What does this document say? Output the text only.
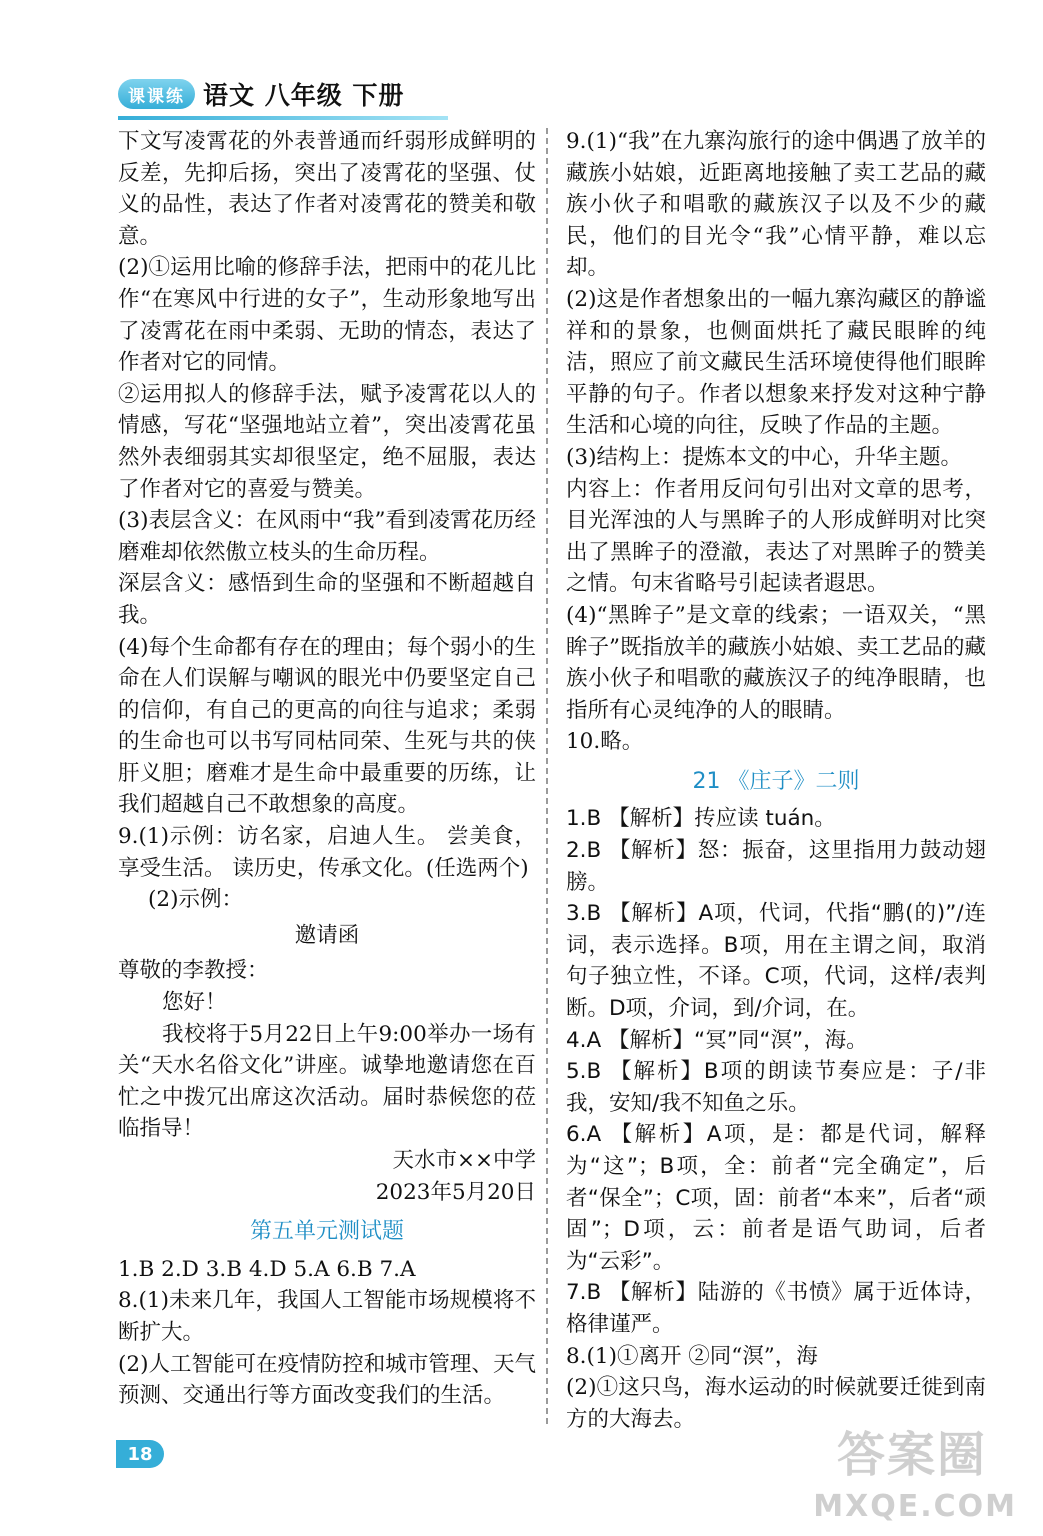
课课练 语文 八年级 下册

下文写凌霄花的外表普通而纤弱形成鲜明的反差，先抑后扬，突出了凌霄花的坚强、仗义的品性，表达了作者对凌霄花的赞美和敬意。

(2)①运用比喻的修辞手法，把雨中的花儿比作“在寒风中行进的女子”，生动形象地写出了凌霄花在雨中柔弱、无助的情态，表达了作者对它的同情。

②运用拟人的修辞手法，赋予凌霄花以人的情感，写花“坚强地站立着”，突出凌霄花虽然外表细弱其实却很坚定，绝不屈服，表达了作者对它的喜爱与赞美。

(3)表层含义：在风雨中“我”看到凌霄花历经磨难却依然傲立枝头的生命历程。

深层含义：感悟到生命的坚强和不断超越自我。

(4)每个生命都有存在的理由；每个弱小的生命在人们误解与嘲讽的眼光中仍要坚定自己的信仰，有自己的更高的向往与追求；柔弱的生命也可以书写同枯同荣、生死与共的侠肝义胆；磨难才是生命中最重要的历练，让我们超越自己不敢想象的高度。

9.(1)示例：访名家，启迪人生。 尝美食，享受生活。 读历史，传承文化。(任选两个)

(2)示例：

邀请函

尊敬的李教授：

您好！

我校将于5月22日上午9:00举办一场有关“天水名俗文化”讲座。诚挚地邀请您在百忙之中拨冗出席这次活动。届时恭候您的莅临指导！

天水市××中学

2023年5月20日

第五单元测试题

1.B 2.D 3.B 4.D 5.A 6.B 7.A

8.(1)未来几年，我国人工智能市场规模将不断扩大。

(2)人工智能可在疫情防控和城市管理、天气预测、交通出行等方面改变我们的生活。

9.(1)“我”在九寨沟旅行的途中偶遇了放羊的藏族小姑娘，近距离地接触了卖工艺品的藏族小伙子和唱歌的藏族汉子以及不少的藏民，他们的目光令“我”心情平静，难以忘却。

(2)这是作者想象出的一幅九寨沟藏区的静谧祥和的景象，也侧面烘托了藏民眼眸的纯洁，照应了前文藏民生活环境使得他们眼眸平静的句子。作者以想象来抒发对这种宁静生活和心境的向往，反映了作品的主题。

(3)结构上：提炼本文的中心，升华主题。

内容上：作者用反问句引出对文章的思考，目光浑浊的人与黑眸子的人形成鲜明对比突出了黑眸子的澄澈，表达了对黑眸子的赞美之情。句末省略号引起读者遐思。

(4)“黑眸子”是文章的线索；一语双关，“黑眸子”既指放羊的藏族小姑娘、卖工艺品的藏族小伙子和唱歌的藏族汉子的纯净眼睛，也指所有心灵纯净的人的眼睛。

10.略。

21 《庄子》二则

1.B 【解析】抟应读 tuán。

2.B 【解析】怒：振奋，这里指用力鼓动翅膀。

3.B 【解析】A项，代词，代指“鹏(的)”/连词，表示选择。B项，用在主谓之间，取消句子独立性，不译。C项，代词，这样/表判断。D项，介词，到/介词，在。

4.A 【解析】“冥”同“溟”，海。

5.B 【解析】B项的朗读节奏应是：子/非我，安知/我不知鱼之乐。

6.A 【解析】A项，是：都是代词，解释为“这”；B项，全：前者“完全确定”，后者“保全”；C项，固：前者“本来”，后者“顽固”；D项，云：前者是语气助词，后者为“云彩”。

7.B 【解析】陆游的《书愤》属于近体诗，格律谨严。

8.(1)①离开 ②同“溟”，海

(2)①这只鸟，海水运动的时候就要迁徙到南方的大海去。

18	答案圈
MXQE.COM
